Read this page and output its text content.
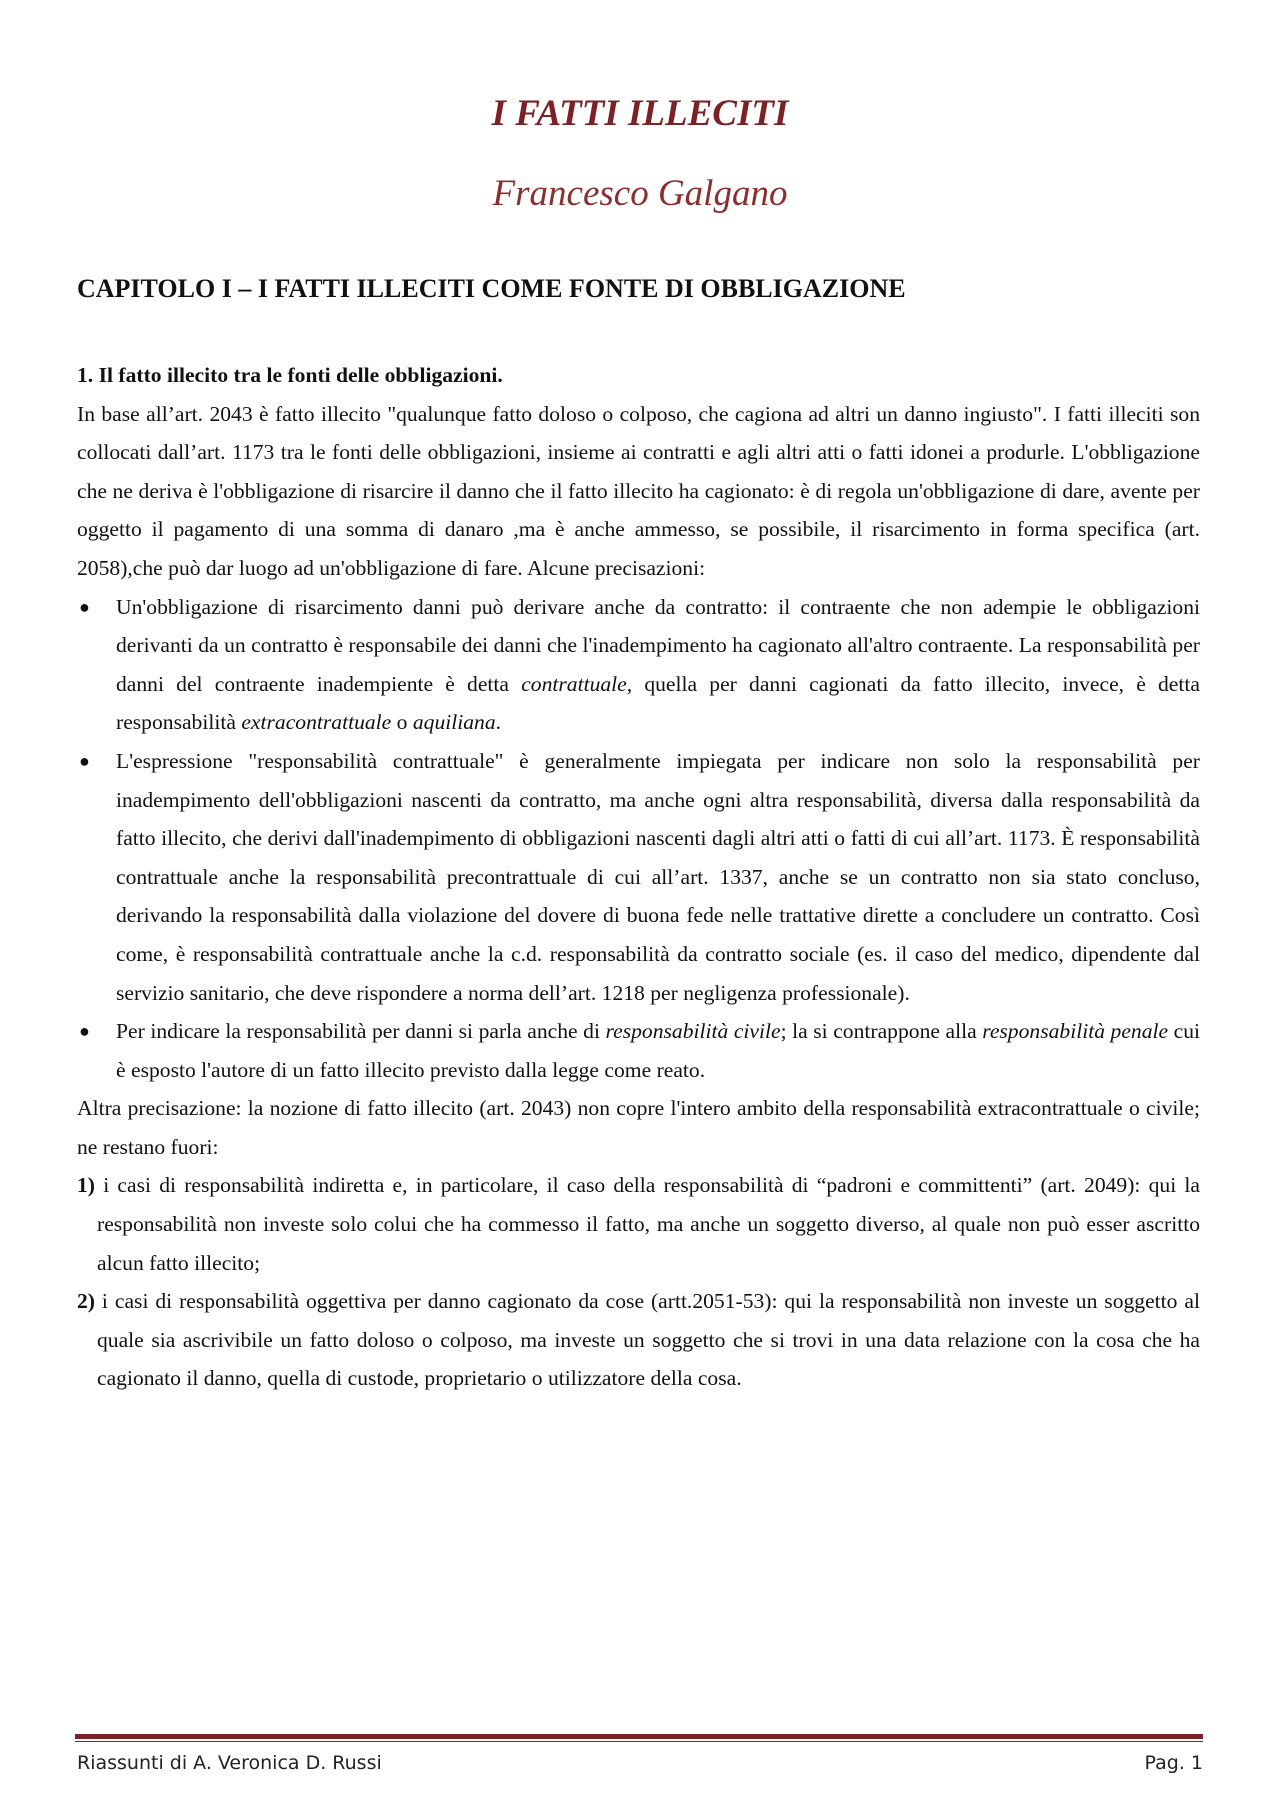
I FATTI ILLECITI
Francesco Galgano
CAPITOLO I – I FATTI ILLECITI COME FONTE DI OBBLIGAZIONE

1. Il fatto illecito tra le fonti delle obbligazioni.

In base all’art. 2043 è fatto illecito "qualunque fatto doloso o colposo, che cagiona ad altri un danno ingiusto". I fatti illeciti son collocati dall’art. 1173 tra le fonti delle obbligazioni, insieme ai contratti e agli altri atti o fatti idonei a produrle. L'obbligazione che ne deriva è l'obbligazione di risarcire il danno che il fatto illecito ha cagionato: è di regola un'obbligazione di dare, avente per oggetto il pagamento di una somma di danaro ,ma è anche ammesso, se possibile, il risarcimento in forma specifica (art. 2058),che può dar luogo ad un'obbligazione di fare. Alcune precisazioni:

● Un'obbligazione di risarcimento danni può derivare anche da contratto: il contraente che non adempie le obbligazioni derivanti da un contratto è responsabile dei danni che l'inadempimento ha cagionato all'altro contraente. La responsabilità per danni del contraente inadempiente è detta contrattuale, quella per danni cagionati da fatto illecito, invece, è detta responsabilità extracontrattuale o aquiliana.
● L'espressione "responsabilità contrattuale" è generalmente impiegata per indicare non solo la responsabilità per inadempimento dell'obbligazioni nascenti da contratto, ma anche ogni altra responsabilità, diversa dalla responsabilità da fatto illecito, che derivi dall'inadempimento di obbligazioni nascenti dagli altri atti o fatti di cui all’art. 1173. È responsabilità contrattuale anche la responsabilità precontrattuale di cui all’art. 1337, anche se un contratto non sia stato concluso, derivando la responsabilità dalla violazione del dovere di buona fede nelle trattative dirette a concludere un contratto. Così come, è responsabilità contrattuale anche la c.d. responsabilità da contratto sociale (es. il caso del medico, dipendente dal servizio sanitario, che deve rispondere a norma dell’art. 1218 per negligenza professionale).
● Per indicare la responsabilità per danni si parla anche di responsabilità civile; la si contrappone alla responsabilità penale cui è esposto l'autore di un fatto illecito previsto dalla legge come reato.

Altra precisazione: la nozione di fatto illecito (art. 2043) non copre l'intero ambito della responsabilità extracontrattuale o civile; ne restano fuori:

1) i casi di responsabilità indiretta e, in particolare, il caso della responsabilità di “padroni e committenti” (art. 2049): qui la responsabilità non investe solo colui che ha commesso il fatto, ma anche un soggetto diverso, al quale non può esser ascritto alcun fatto illecito;
2) i casi di responsabilità oggettiva per danno cagionato da cose (artt.2051-53): qui la responsabilità non investe un soggetto al quale sia ascrivibile un fatto doloso o colposo, ma investe un soggetto che si trovi in una data relazione con la cosa che ha cagionato il danno, quella di custode, proprietario o utilizzatore della cosa.
Riassunti di A. Veronica D. Russi	Pag. 1
